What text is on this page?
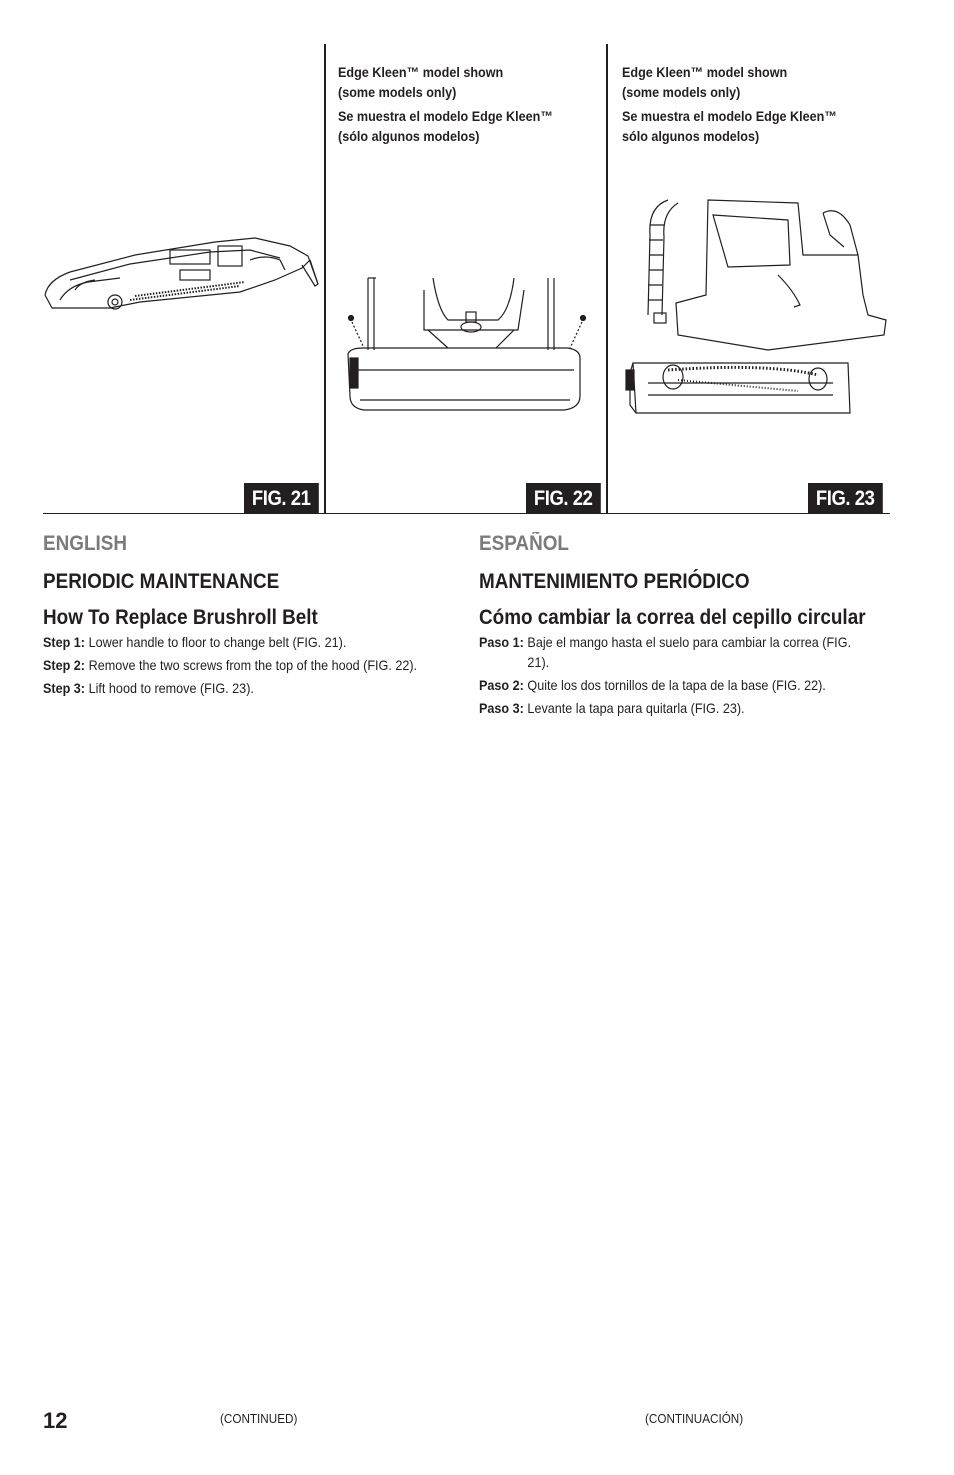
Edge Kleen™ model shown
(some models only)

Se muestra el modelo Edge Kleen™
(sólo algunos modelos)

Edge Kleen™ model shown
(some models only)

Se muestra el modelo Edge Kleen™
sólo algunos modelos)

FIG. 21	FIG. 22	FIG. 23
ENGLISH
PERIODIC MAINTENANCE
How To Replace Brushroll Belt
Step 1: Lower handle to floor to change belt (FIG. 21).
Step 2: Remove the two screws from the top of the hood (FIG. 22).
Step 3: Lift hood to remove (FIG. 23).
ESPAÑOL
MANTENIMIENTO PERIÓDICO
Cómo cambiar la correa del cepillo circular
Paso 1: Baje el mango hasta el suelo para cambiar la correa (FIG. 21).
Paso 2: Quite los dos tornillos de la tapa de la base (FIG. 22).
Paso 3: Levante la tapa para quitarla (FIG. 23).
12	(CONTINUED)	(CONTINUACIÓN)
